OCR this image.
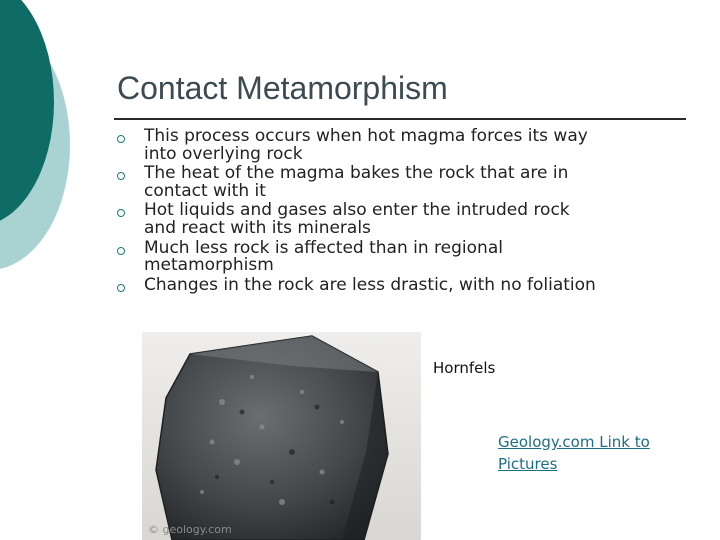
Contact Metamorphism
This process occurs when hot magma forces its way
into overlying rock
The heat of the magma bakes the rock that are in
contact with it
Hot liquids and gases also enter the intruded rock
and react with its minerals
Much less rock is affected than in regional
metamorphism
Changes in the rock are less drastic, with no foliation
© geology.com
Hornfels
Geology.com Link to
Pictures
